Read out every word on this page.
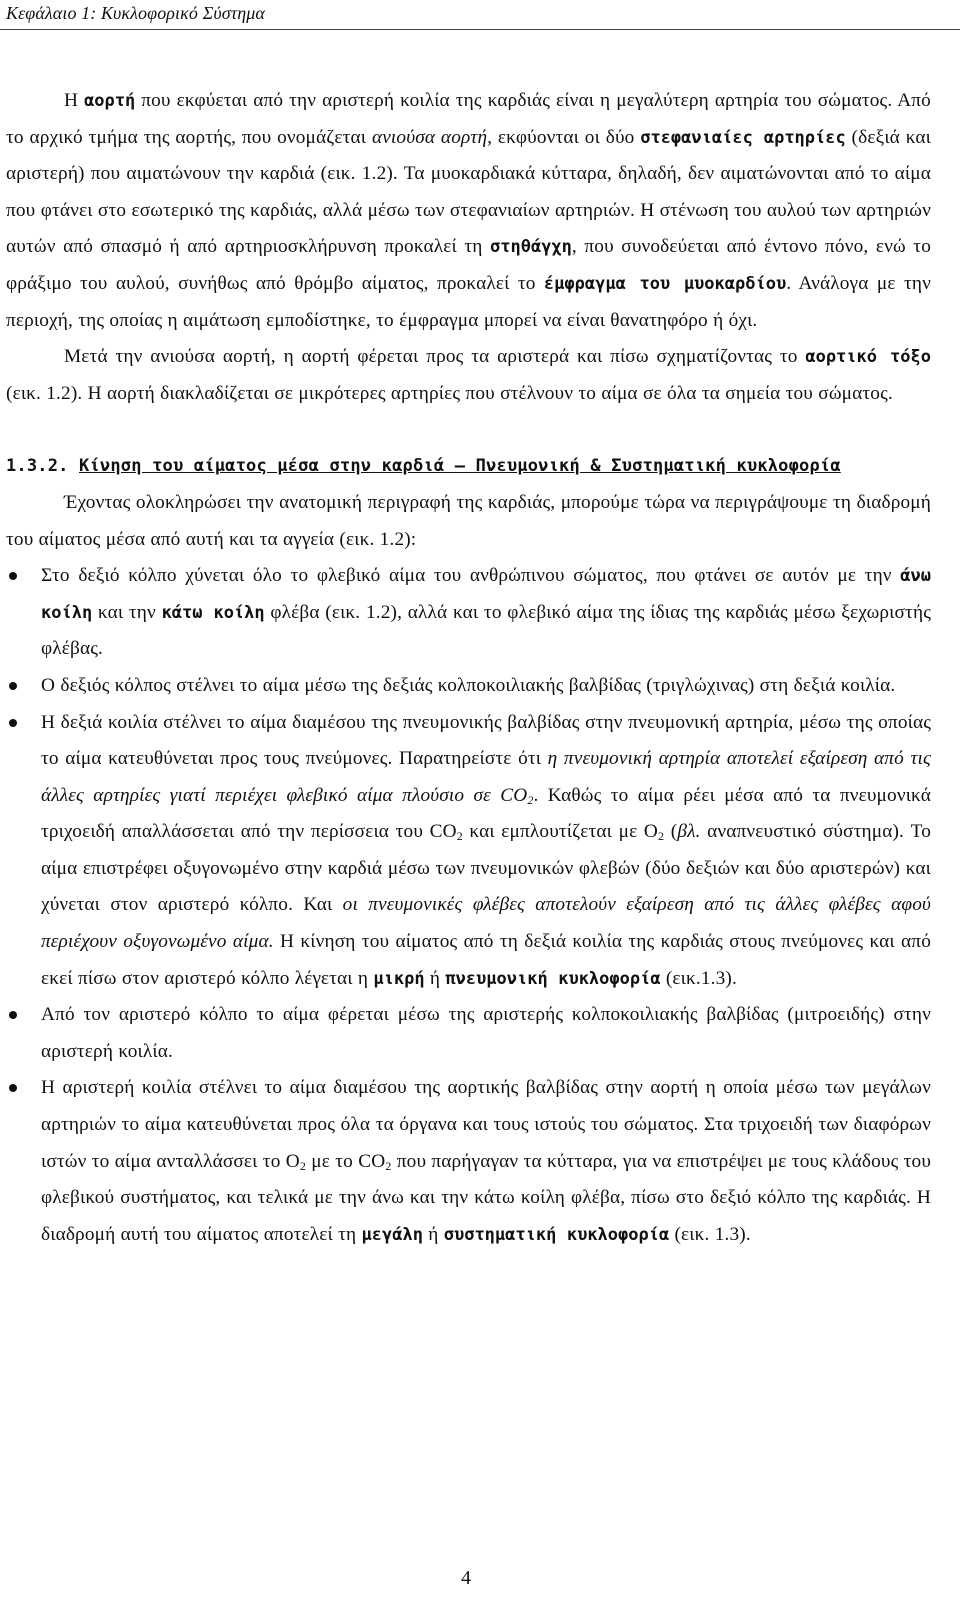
Κεφάλαιο 1: Κυκλοφορικό Σύστημα

Η αορτή που εκφύεται από την αριστερή κοιλία της καρδιάς είναι η μεγαλύτερη αρτηρία του σώματος. Από το αρχικό τμήμα της αορτής, που ονομάζεται ανιούσα αορτή, εκφύονται οι δύο στεφανιαίες αρτηρίες (δεξιά και αριστερή) που αιματώνουν την καρδιά (εικ. 1.2). Τα μυοκαρδιακά κύτταρα, δηλαδή, δεν αιματώνονται από το αίμα που φτάνει στο εσωτερικό της καρδιάς, αλλά μέσω των στεφανιαίων αρτηριών. Η στένωση του αυλού των αρτηριών αυτών από σπασμό ή από αρτηριοσκλήρυνση προκαλεί τη στηθάγχη, που συνοδεύεται από έντονο πόνο, ενώ το φράξιμο του αυλού, συνήθως από θρόμβο αίματος, προκαλεί το έμφραγμα του μυοκαρδίου. Ανάλογα με την περιοχή, της οποίας η αιμάτωση εμποδίστηκε, το έμφραγμα μπορεί να είναι θανατηφόρο ή όχι.

Μετά την ανιούσα αορτή, η αορτή φέρεται προς τα αριστερά και πίσω σχηματίζοντας το αορτικό τόξο (εικ. 1.2). Η αορτή διακλαδίζεται σε μικρότερες αρτηρίες που στέλνουν το αίμα σε όλα τα σημεία του σώματος.

1.3.2. Κίνηση του αίματος μέσα στην καρδιά – Πνευμονική & Συστηματική κυκλοφορία

Έχοντας ολοκληρώσει την ανατομική περιγραφή της καρδιάς, μπορούμε τώρα να περιγράψουμε τη διαδρομή του αίματος μέσα από αυτή και τα αγγεία (εικ. 1.2):

Στο δεξιό κόλπο χύνεται όλο το φλεβικό αίμα του ανθρώπινου σώματος, που φτάνει σε αυτόν με την άνω κοίλη και την κάτω κοίλη φλέβα (εικ. 1.2), αλλά και το φλεβικό αίμα της ίδιας της καρδιάς μέσω ξεχωριστής φλέβας.

Ο δεξιός κόλπος στέλνει το αίμα μέσω της δεξιάς κολποκοιλιακής βαλβίδας (τριγλώχινας) στη δεξιά κοιλία.

Η δεξιά κοιλία στέλνει το αίμα διαμέσου της πνευμονικής βαλβίδας στην πνευμονική αρτηρία, μέσω της οποίας το αίμα κατευθύνεται προς τους πνεύμονες. Παρατηρείστε ότι η πνευμονική αρτηρία αποτελεί εξαίρεση από τις άλλες αρτηρίες γιατί περιέχει φλεβικό αίμα πλούσιο σε $CO_2$. Καθώς το αίμα ρέει μέσα από τα πνευμονικά τριχοειδή απαλλάσσεται από την περίσσεια του $CO_2$ και εμπλουτίζεται με $O_2$ (βλ. αναπνευστικό σύστημα). Το αίμα επιστρέφει οξυγονωμένο στην καρδιά μέσω των πνευμονικών φλεβών (δύο δεξιών και δύο αριστερών) και χύνεται στον αριστερό κόλπο. Και οι πνευμονικές φλέβες αποτελούν εξαίρεση από τις άλλες φλέβες αφού περιέχουν οξυγονωμένο αίμα. Η κίνηση του αίματος από τη δεξιά κοιλία της καρδιάς στους πνεύμονες και από εκεί πίσω στον αριστερό κόλπο λέγεται η μικρή ή πνευμονική κυκλοφορία (εικ.1.3).

Από τον αριστερό κόλπο το αίμα φέρεται μέσω της αριστερής κολποκοιλιακής βαλβίδας (μιτροειδής) στην αριστερή κοιλία.

Η αριστερή κοιλία στέλνει το αίμα διαμέσου της αορτικής βαλβίδας στην αορτή η οποία μέσω των μεγάλων αρτηριών το αίμα κατευθύνεται προς όλα τα όργανα και τους ιστούς του σώματος. Στα τριχοειδή των διαφόρων ιστών το αίμα ανταλλάσσει το $O_2$ με το $CO_2$ που παρήγαγαν τα κύτταρα, για να επιστρέψει με τους κλάδους του φλεβικού συστήματος, και τελικά με την άνω και την κάτω κοίλη φλέβα, πίσω στο δεξιό κόλπο της καρδιάς. Η διαδρομή αυτή του αίματος αποτελεί τη μεγάλη ή συστηματική κυκλοφορία (εικ. 1.3).

4
